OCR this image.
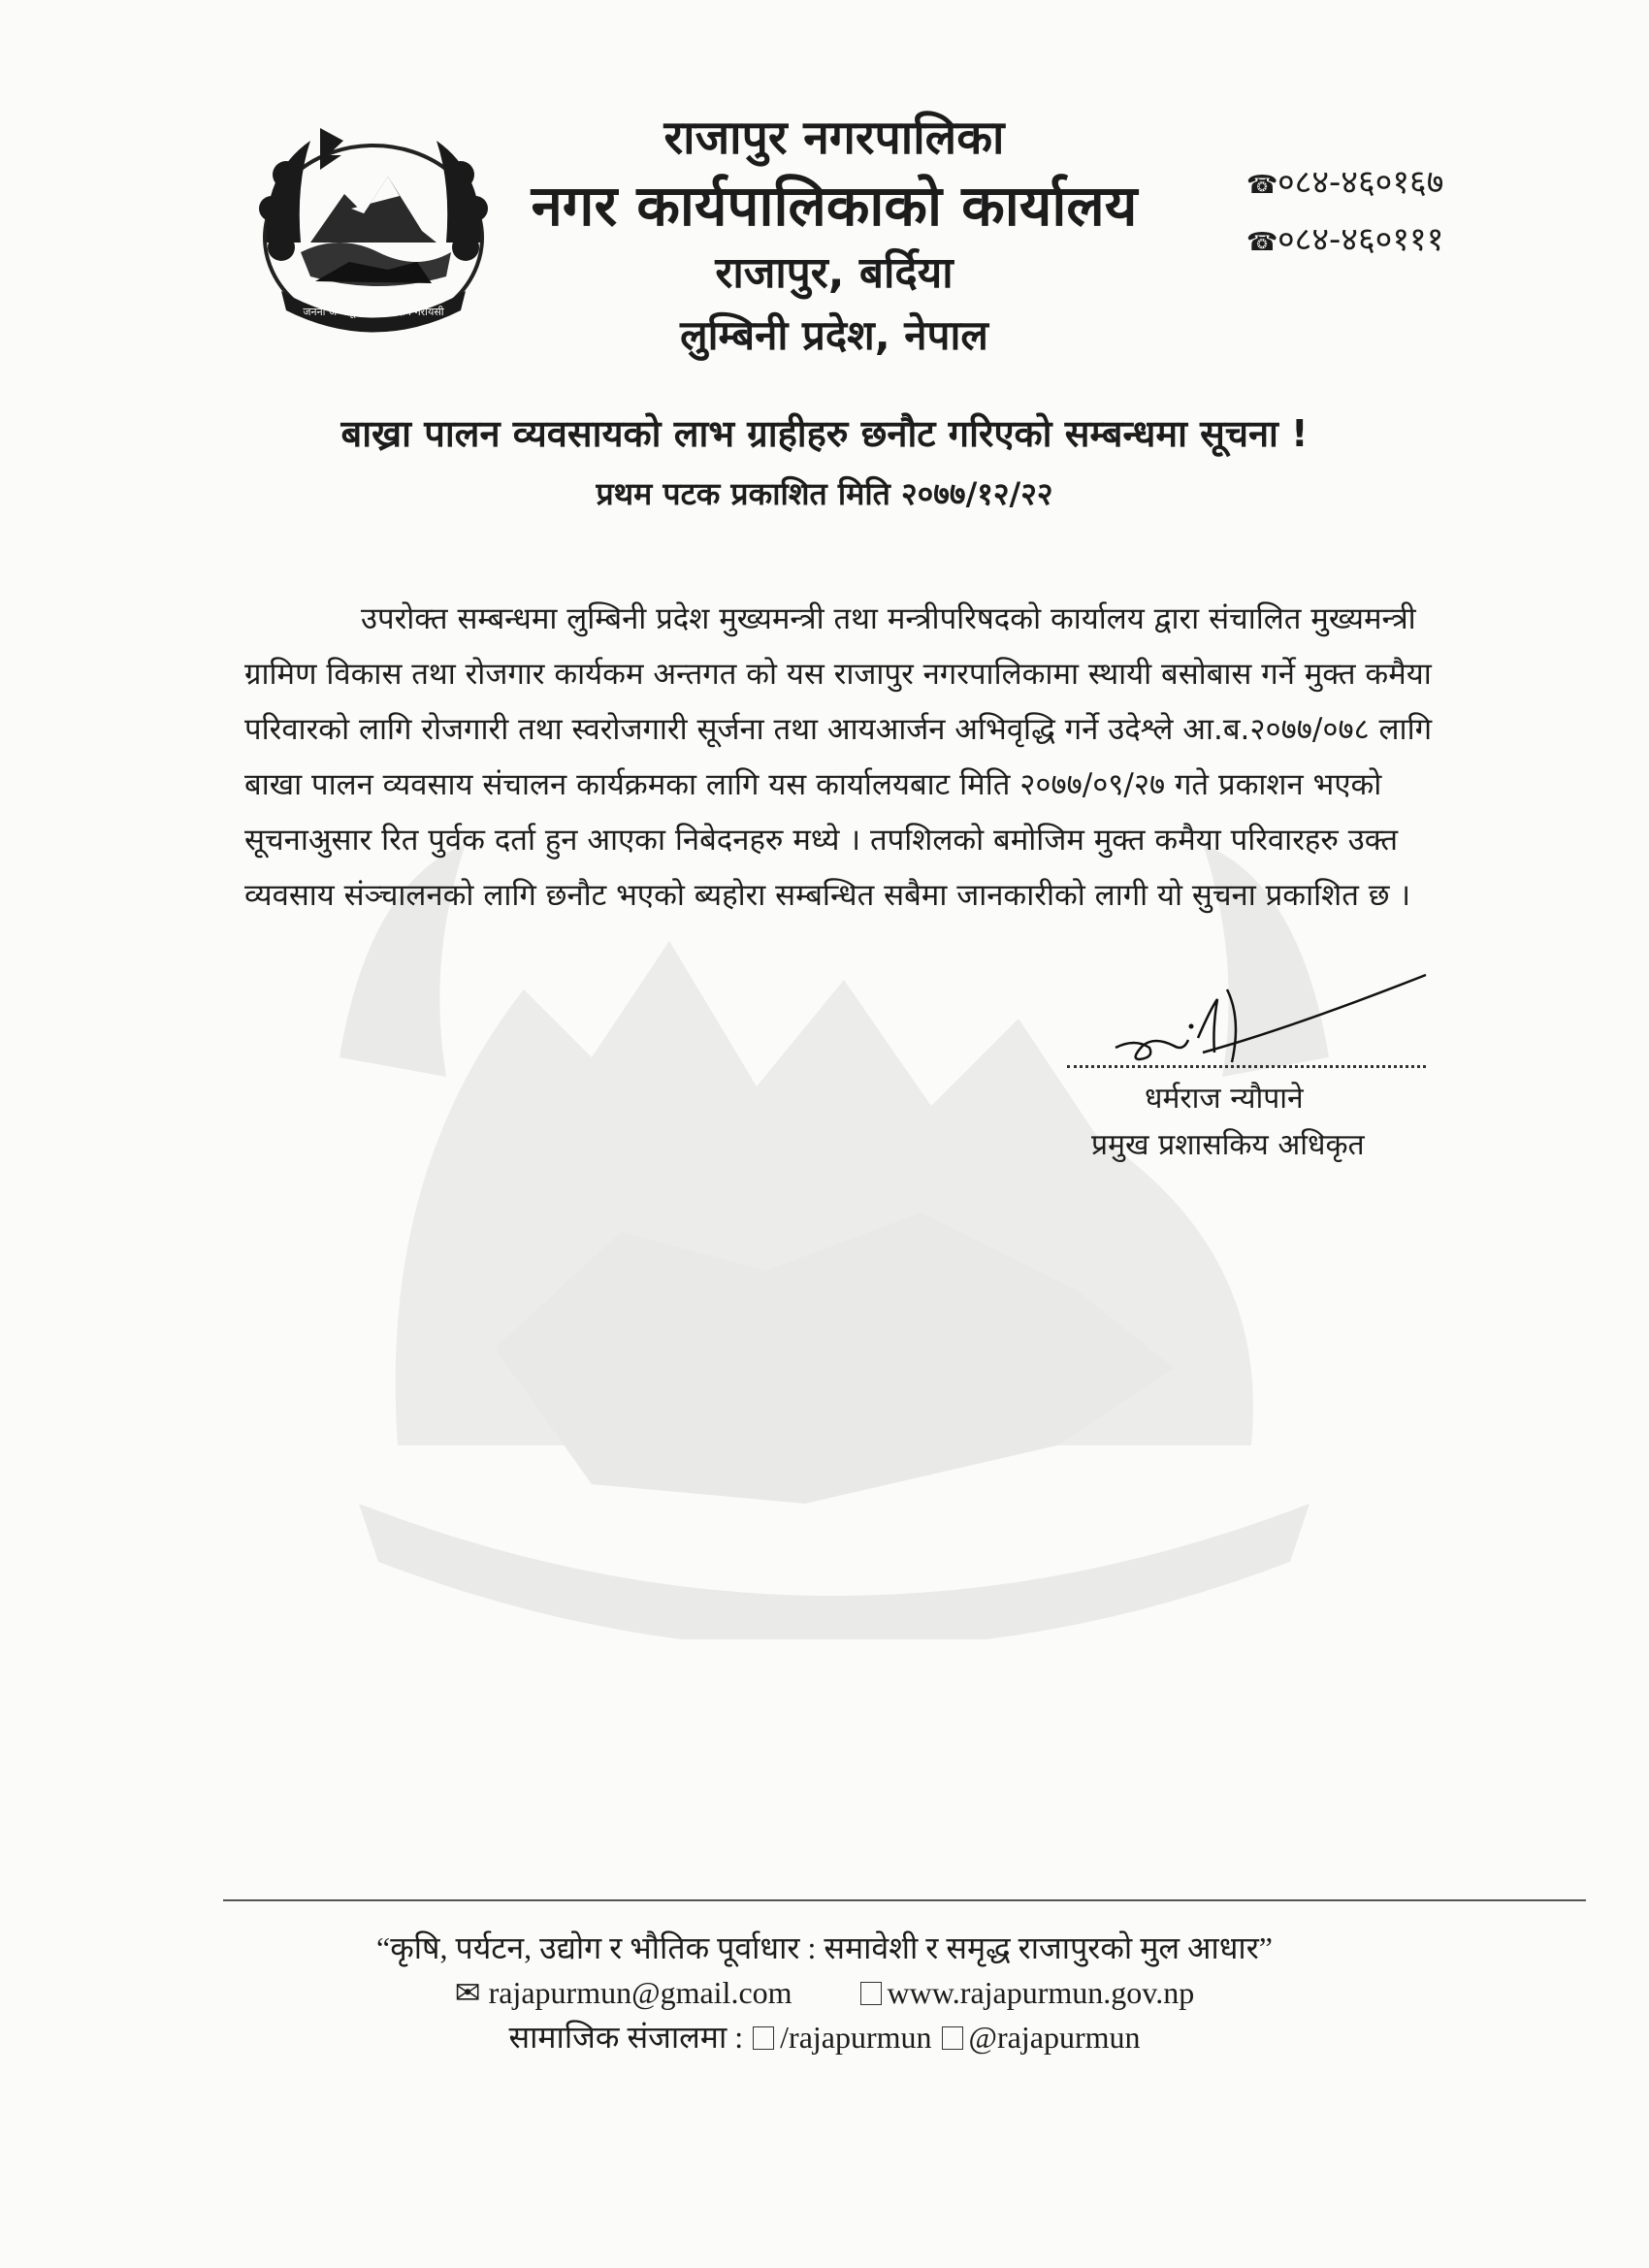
जननी जन्मभूमिश्च स्वर्गादपि गरीयसी

राजापुर नगरपालिका

नगर कार्यपालिकाको कार्यालय

राजापुर, बर्दिया

लुम्बिनी प्रदेश, नेपाल

☎०८४-४६०१६७
☎०८४-४६०१११
बाख्रा पालन व्यवसायको लाभ ग्राहीहरु छनौट गरिएको सम्बन्धमा सूचना !
प्रथम पटक प्रकाशित मिति २०७७/१२/२२
उपरोक्त सम्बन्धमा लुम्बिनी प्रदेश मुख्यमन्त्री तथा मन्त्रीपरिषदको कार्यालय द्वारा संचालित मुख्यमन्त्री
ग्रामिण विकास तथा रोजगार कार्यकम अन्तगत को यस राजापुर नगरपालिकामा स्थायी बसोबास गर्ने मुक्त कमैया
परिवारको लागि रोजगारी तथा स्वरोजगारी सूर्जना तथा आयआर्जन अभिवृद्धि गर्ने उदेश्ले आ.ब.२०७७/०७८ लागि
बाखा पालन व्यवसाय संचालन कार्यक्रमका लागि यस कार्यालयबाट मिति २०७७/०९/२७ गते प्रकाशन भएको
सूचनाअुसार रित पुर्वक दर्ता हुन आएका निबेदनहरु मध्ये । तपशिलको बमोजिम मुक्त कमैया परिवारहरु उक्त
व्यवसाय संञ्चालनको लागि छनौट भएको ब्यहोरा सम्बन्धित सबैमा जानकारीको लागी यो सुचना प्रकाशित छ ।
धर्मराज न्यौपाने
प्रमुख प्रशासकिय अधिकृत
“कृषि, पर्यटन, उद्योग र भौतिक पूर्वाधार : समावेशी र समृद्ध राजापुरको मुल आधार”
✉ rajapurmun@gmail.com	www.rajapurmun.gov.np
सामाजिक संजालमा : /rajapurmun @rajapurmun
